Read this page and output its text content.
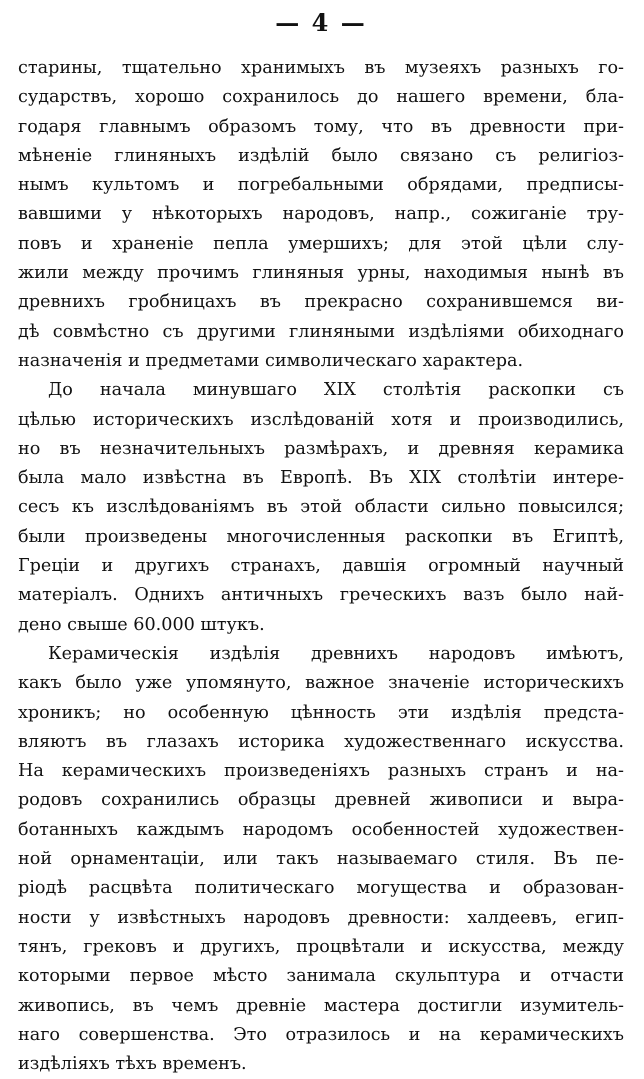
— 4 —
старины, тщательно хранимыхъ въ музеяхъ разныхъ го-
сударствъ, хорошо сохранилось до нашего времени, бла-
годаря главнымъ образомъ тому, что въ древности при-
мѣненіе глиняныхъ издѣлій было связано съ религіоз-
нымъ культомъ и погребальными обрядами, предписы-
вавшими у нѣкоторыхъ народовъ, напр., сожиганіе тру-
повъ и храненіе пепла умершихъ; для этой цѣли слу-
жили между прочимъ глиняныя урны, находимыя нынѣ въ
древнихъ гробницахъ въ прекрасно сохранившемся ви-
дѣ совмѣстно съ другими глиняными издѣліями обиходнаго
назначенія и предметами символическаго характера.
До начала минувшаго XIX столѣтія раскопки съ
цѣлью историческихъ изслѣдованій хотя и производились,
но въ незначительныхъ размѣрахъ, и древняя керамика
была мало извѣстна въ Европѣ. Въ XIX столѣтіи интере-
сесъ къ изслѣдованіямъ въ этой области сильно повысился;
были произведены многочисленныя раскопки въ Египтѣ,
Греціи и другихъ странахъ, давшія огромный научный
матеріалъ. Однихъ античныхъ греческихъ вазъ было най-
дено свыше 60.000 штукъ.
Керамическія издѣлія древнихъ народовъ имѣютъ,
какъ было уже упомянуто, важное значеніе историческихъ
хроникъ; но особенную цѣнность эти издѣлія предста-
вляютъ въ глазахъ историка художественнаго искусства.
На керамическихъ произведеніяхъ разныхъ странъ и на-
родовъ сохранились образцы древней живописи и выра-
ботанныхъ каждымъ народомъ особенностей художествен-
ной орнаментаціи, или такъ называемаго стиля. Въ пе-
ріодѣ расцвѣта политическаго могущества и образован-
ности у извѣстныхъ народовъ древности: халдеевъ, егип-
тянъ, грековъ и другихъ, процвѣтали и искусства, между
которыми первое мѣсто занимала скульптура и отчасти
живопись, въ чемъ древніе мастера достигли изумитель-
наго совершенства. Это отразилось и на керамическихъ
издѣліяхъ тѣхъ временъ.
